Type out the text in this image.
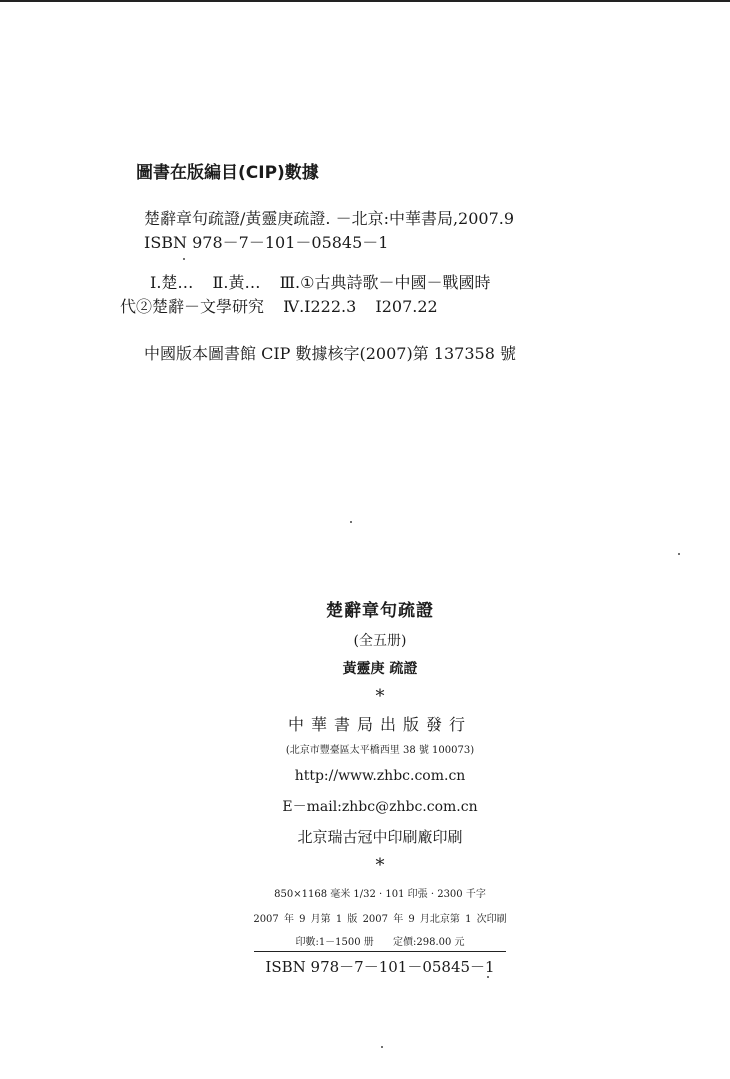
圖書在版編目(CIP)數據
楚辭章句疏證/黃靈庚疏證. －北京:中華書局,2007.9
ISBN 978－7－101－05845－1
Ⅰ.楚… Ⅱ.黃… Ⅲ.①古典詩歌－中國－戰國時
代②楚辭－文學研究 Ⅳ.I222.3 I207.22
中國版本圖書館 CIP 數據核字(2007)第 137358 號
楚辭章句疏證
(全五册)
黃靈庚 疏證
*
中華書局出版發行
(北京市豐臺區太平橋西里 38 號 100073)
http://www.zhbc.com.cn
E－mail:zhbc@zhbc.com.cn
北京瑞古冠中印刷廠印刷
*
850×1168 毫米 1/32 · 101 印張 · 2300 千字
2007 年 9 月第 1 版 2007 年 9 月北京第 1 次印刷
印數:1－1500 册 定價:298.00 元
ISBN 978－7－101－05845－1
